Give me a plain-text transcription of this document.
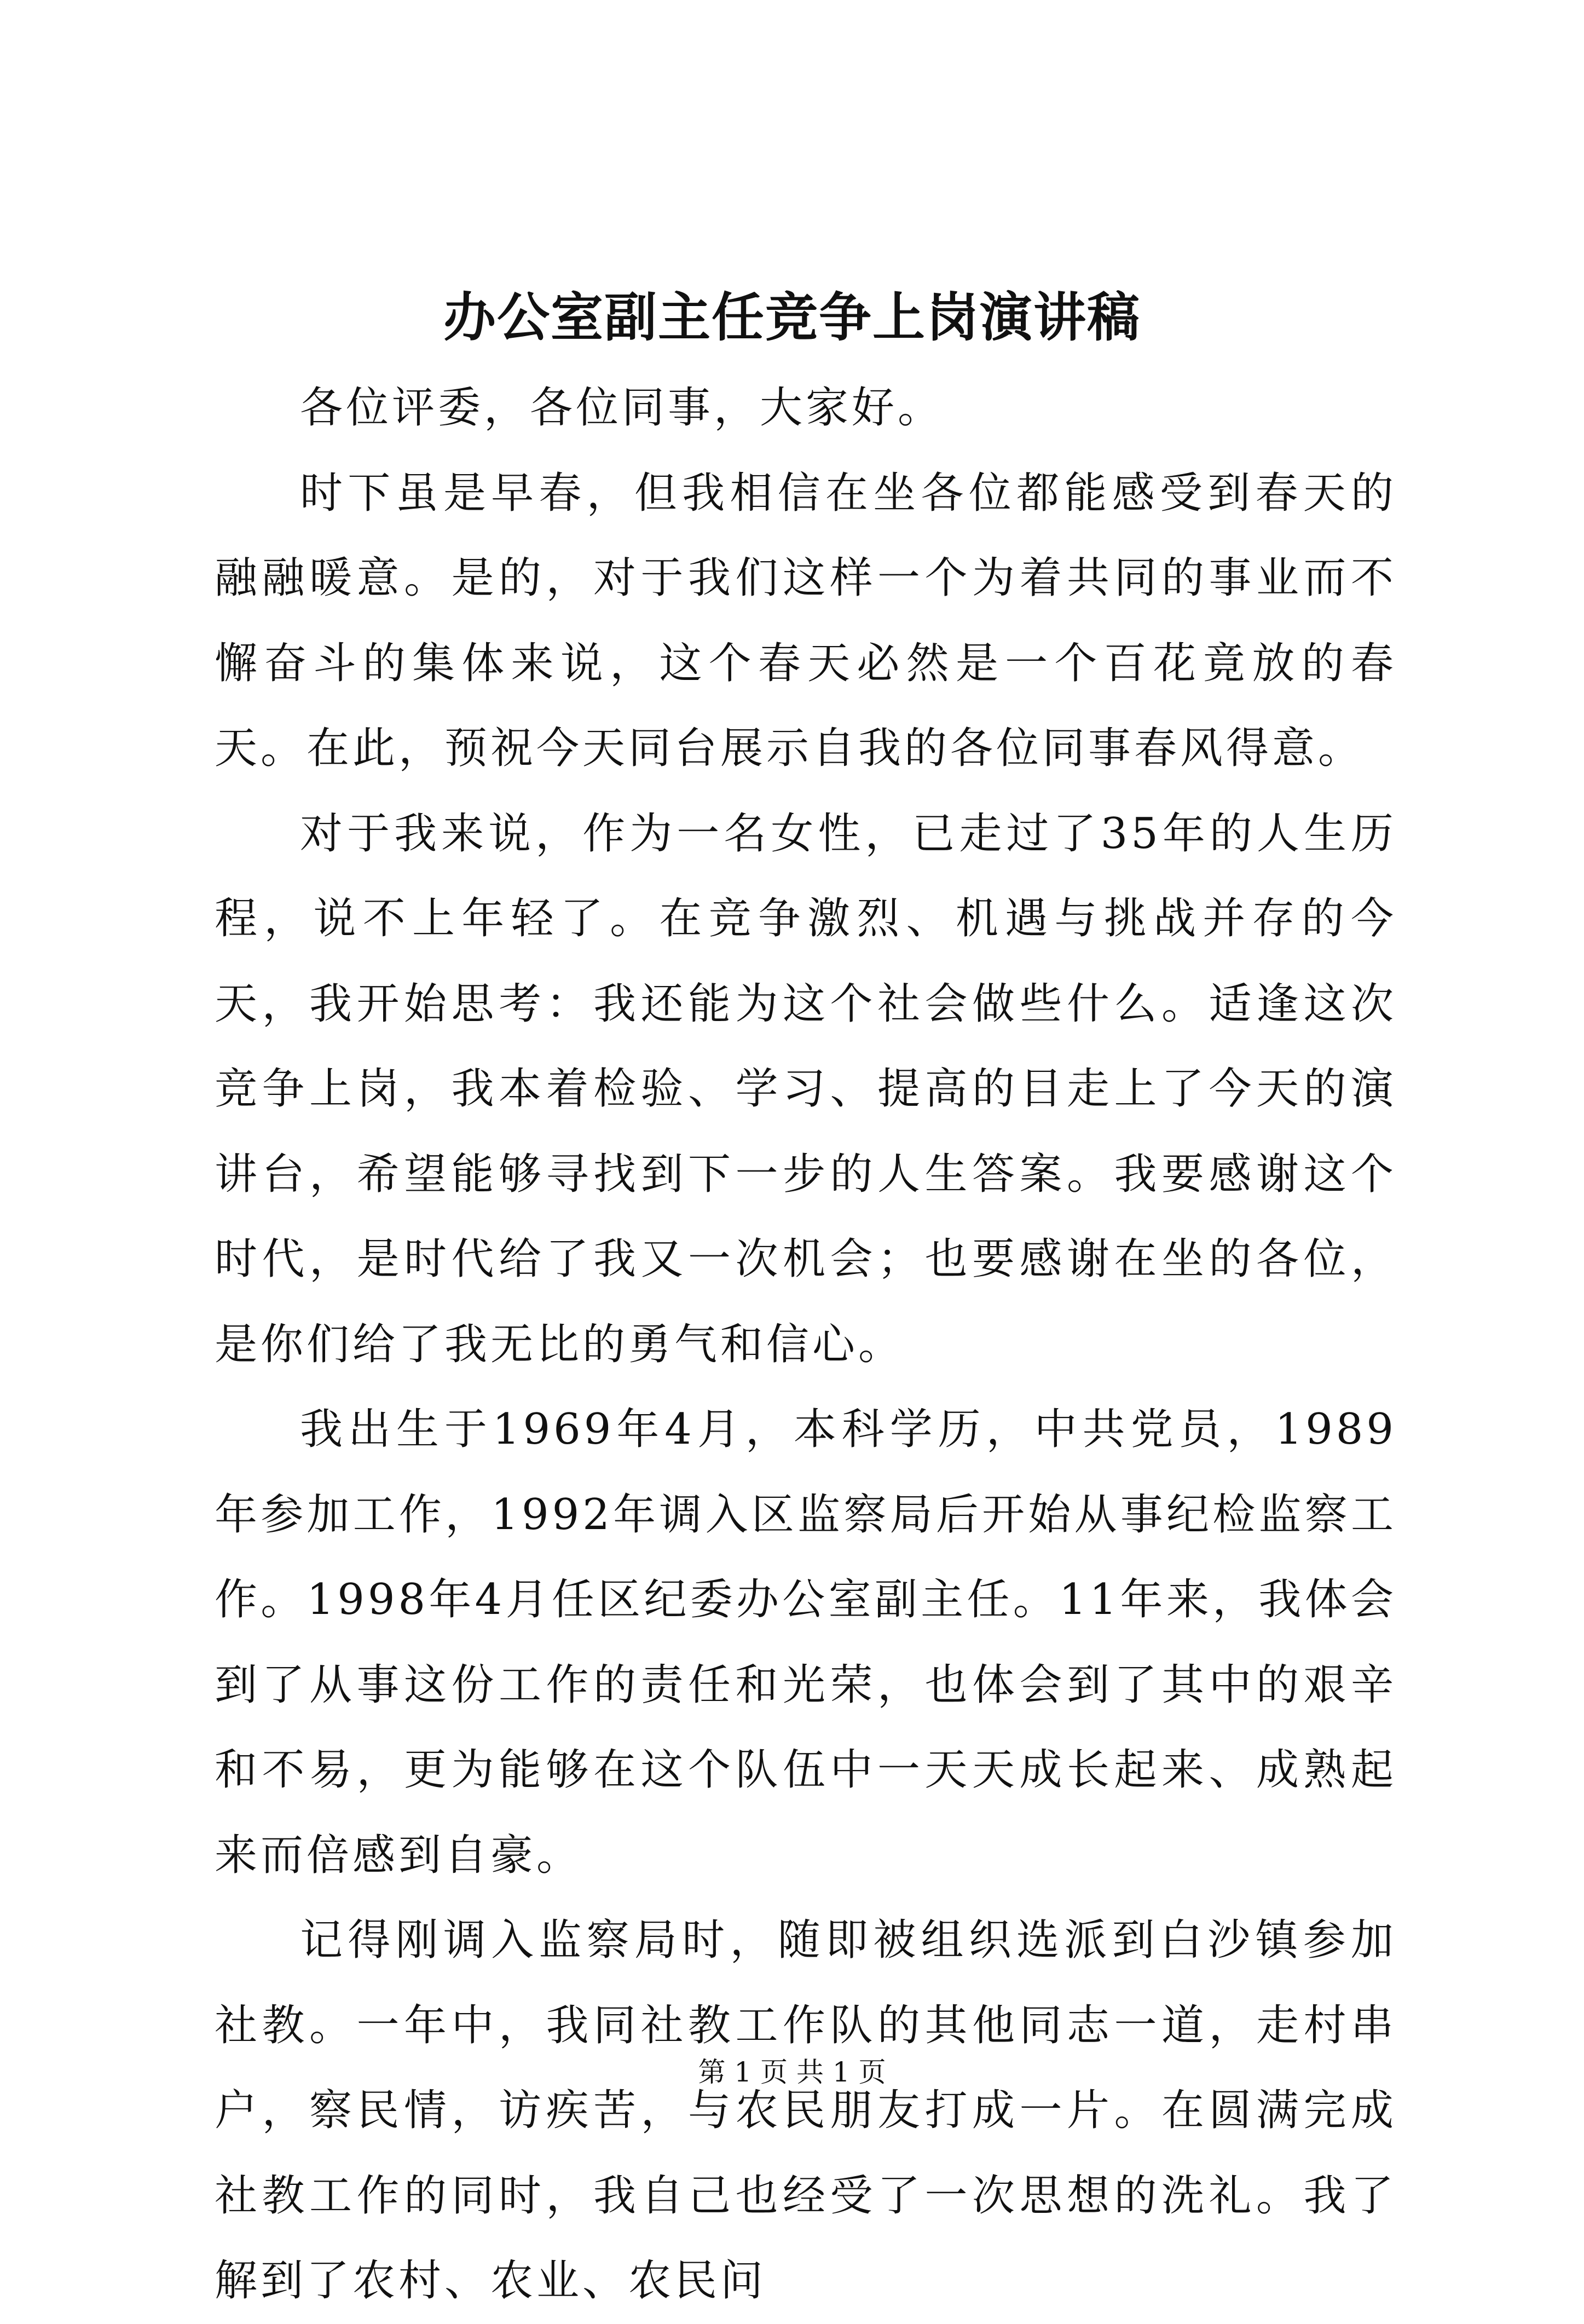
办公室副主任竞争上岗演讲稿

各位评委，各位同事，大家好。

时下虽是早春，但我相信在坐各位都能感受到春天的融融暖意。是的，对于我们这样一个为着共同的事业而不懈奋斗的集体来说，这个春天必然是一个百花竟放的春天。在此，预祝今天同台展示自我的各位同事春风得意。

对于我来说，作为一名女性，已走过了35年的人生历程，说不上年轻了。在竞争激烈、机遇与挑战并存的今天，我开始思考：我还能为这个社会做些什么。适逢这次竞争上岗，我本着检验、学习、提高的目走上了今天的演讲台，希望能够寻找到下一步的人生答案。我要感谢这个时代，是时代给了我又一次机会；也要感谢在坐的各位，是你们给了我无比的勇气和信心。

我出生于1969年4月，本科学历，中共党员，1989年参加工作，1992年调入区监察局后开始从事纪检监察工作。1998年4月任区纪委办公室副主任。11年来，我体会到了从事这份工作的责任和光荣，也体会到了其中的艰辛和不易，更为能够在这个队伍中一天天成长起来、成熟起来而倍感到自豪。

记得刚调入监察局时，随即被组织选派到白沙镇参加社教。一年中，我同社教工作队的其他同志一道，走村串户，察民情，访疾苦，与农民朋友打成一片。在圆满完成社教工作的同时，我自己也经受了一次思想的洗礼。我了解到了农村、农业、农民问

第 1 页 共 1 页
